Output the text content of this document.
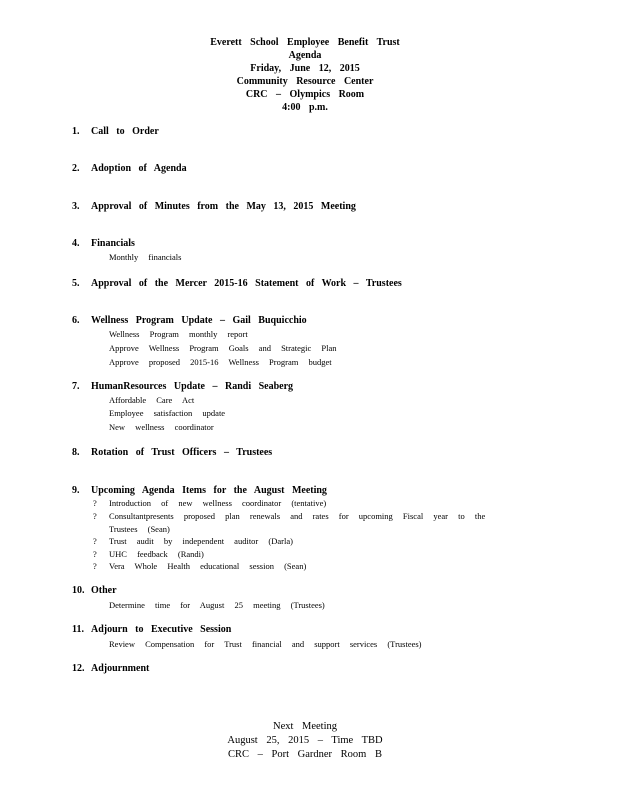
Everett School Employee Benefit Trust
Agenda
Friday, June 12, 2015
Community Resource Center
CRC – Olympics Room
4:00 p.m.
1. Call to Order
2. Adoption of Agenda
3. Approval of Minutes from the May 13, 2015 Meeting
4. Financials
Monthly financials
5. Approval of the Mercer 2015-16 Statement of Work – Trustees
6. Wellness Program Update – Gail Buquicchio
Wellness Program monthly report
Approve Wellness Program Goals and Strategic Plan
Approve proposed 2015-16 Wellness Program budget
7. HumanResources Update – Randi Seaberg
Affordable Care Act
Employee satisfaction update
New wellness coordinator
8. Rotation of Trust Officers – Trustees
9. Upcoming Agenda Items for the August Meeting
? Introduction of new wellness coordinator (tentative)
? Consultantpresents proposed plan renewals and rates for upcoming Fiscal year to the
Trustees (Sean)
? Trust audit by independent auditor (Darla)
? UHC feedback (Randi)
? Vera Whole Health educational session (Sean)
10. Other
Determine time for August 25 meeting (Trustees)
11. Adjourn to Executive Session
Review Compensation for Trust financial and support services (Trustees)
12. Adjournment
Next Meeting
August 25, 2015 – Time TBD
CRC – Port Gardner Room B
